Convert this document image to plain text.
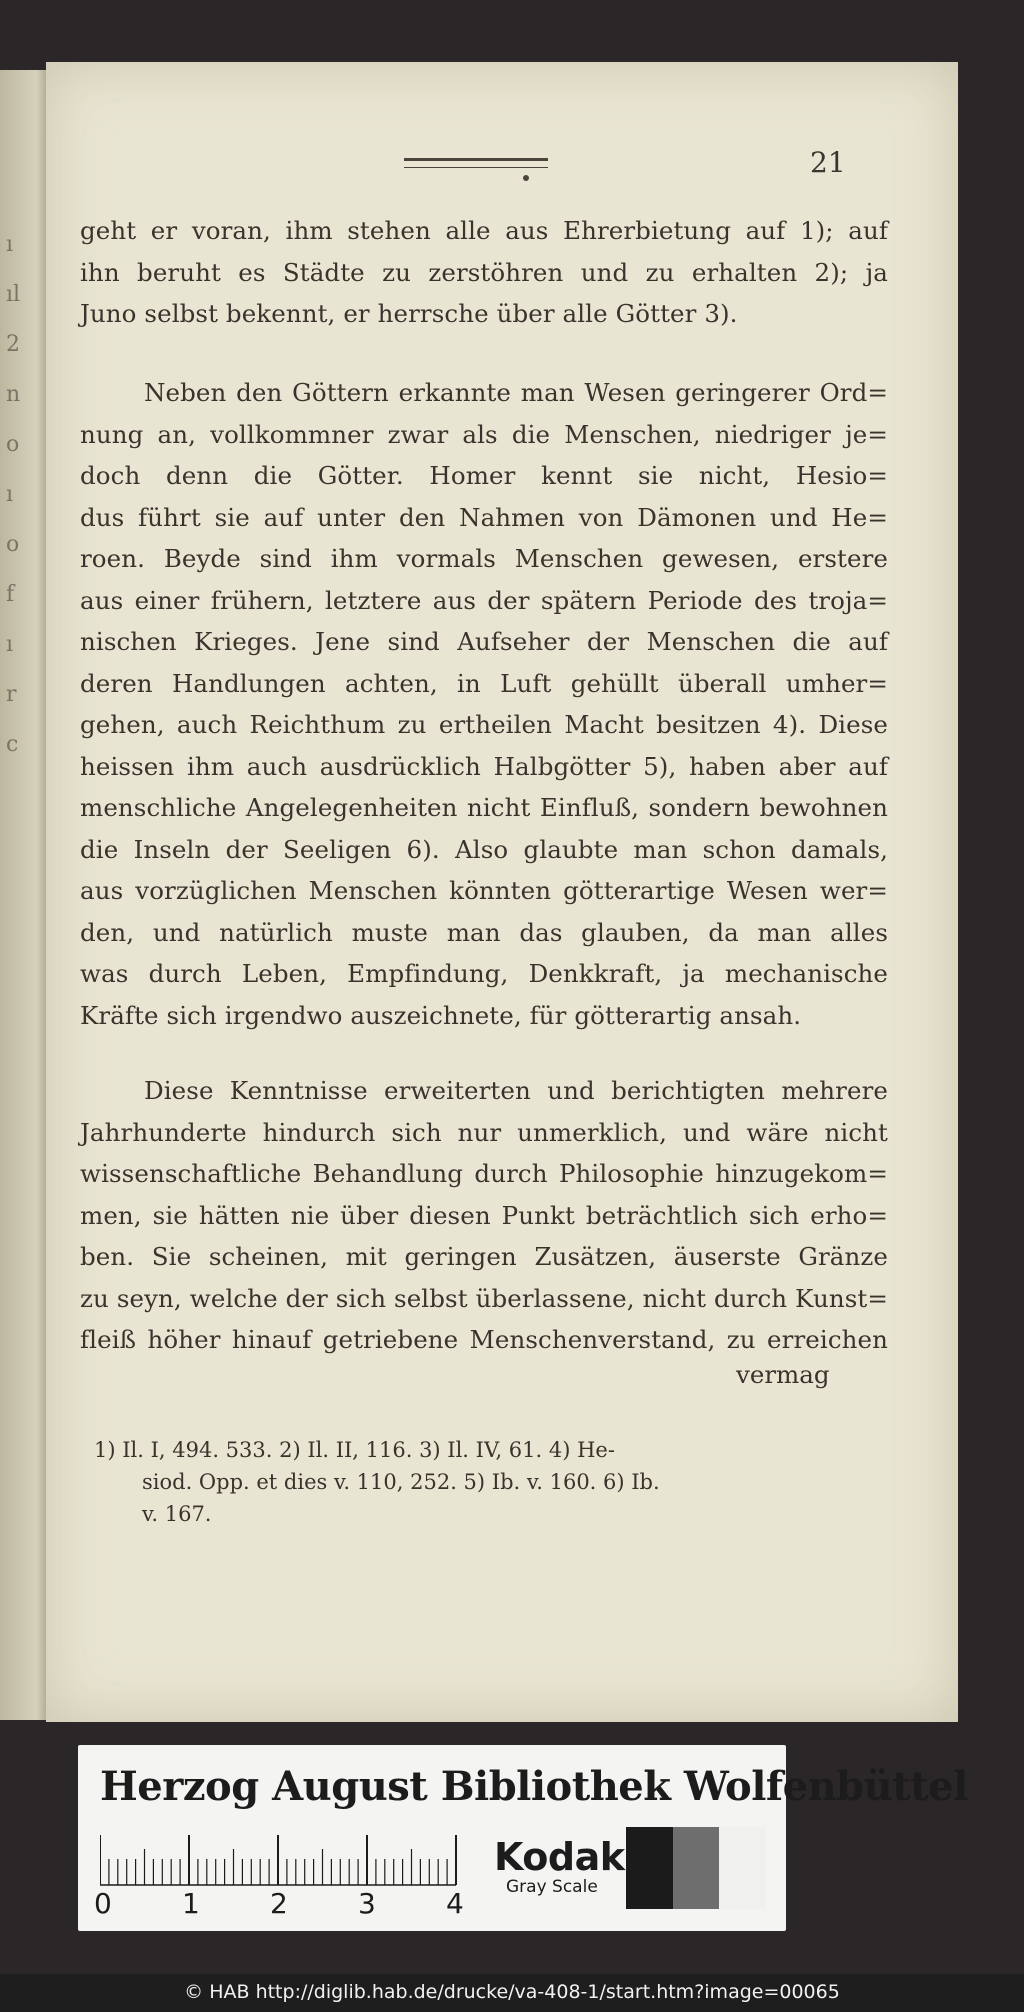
ı
ıl
2
n
o
ı
o
f
ı
r
c
21
geht er voran, ihm stehen alle aus Ehrerbietung auf 1); auf
ihn beruht es Städte zu zerstöhren und zu erhalten 2); ja
Juno selbst bekennt, er herrsche über alle Götter 3).
Neben den Göttern erkannte man Wesen geringerer Ord=
nung an, vollkommner zwar als die Menschen, niedriger je=
doch denn die Götter. Homer kennt sie nicht, Hesio=
dus führt sie auf unter den Nahmen von Dämonen und He=
roen. Beyde sind ihm vormals Menschen gewesen, erstere
aus einer frühern, letztere aus der spätern Periode des troja=
nischen Krieges. Jene sind Aufseher der Menschen die auf
deren Handlungen achten, in Luft gehüllt überall umher=
gehen, auch Reichthum zu ertheilen Macht besitzen 4). Diese
heissen ihm auch ausdrücklich Halbgötter 5), haben aber auf
menschliche Angelegenheiten nicht Einfluß, sondern bewohnen
die Inseln der Seeligen 6). Also glaubte man schon damals,
aus vorzüglichen Menschen könnten götterartige Wesen wer=
den, und natürlich muste man das glauben, da man alles
was durch Leben, Empfindung, Denkkraft, ja mechanische
Kräfte sich irgendwo auszeichnete, für götterartig ansah.
Diese Kenntnisse erweiterten und berichtigten mehrere
Jahrhunderte hindurch sich nur unmerklich, und wäre nicht
wissenschaftliche Behandlung durch Philosophie hinzugekom=
men, sie hätten nie über diesen Punkt beträchtlich sich erho=
ben. Sie scheinen, mit geringen Zusätzen, äuserste Gränze
zu seyn, welche der sich selbst überlassene, nicht durch Kunst=
fleiß höher hinauf getriebene Menschenverstand, zu erreichen
vermag
1) Il. I, 494. 533. 2) Il. II, 116. 3) Il. IV, 61. 4) He-
siod. Opp. et dies v. 110, 252. 5) Ib. v. 160. 6) Ib.
v. 167.
Herzog August Bibliothek Wolfenbüttel
0	1	2	3	4
Kodak
Gray Scale
© HAB http://diglib.hab.de/drucke/va-408-1/start.htm?image=00065
